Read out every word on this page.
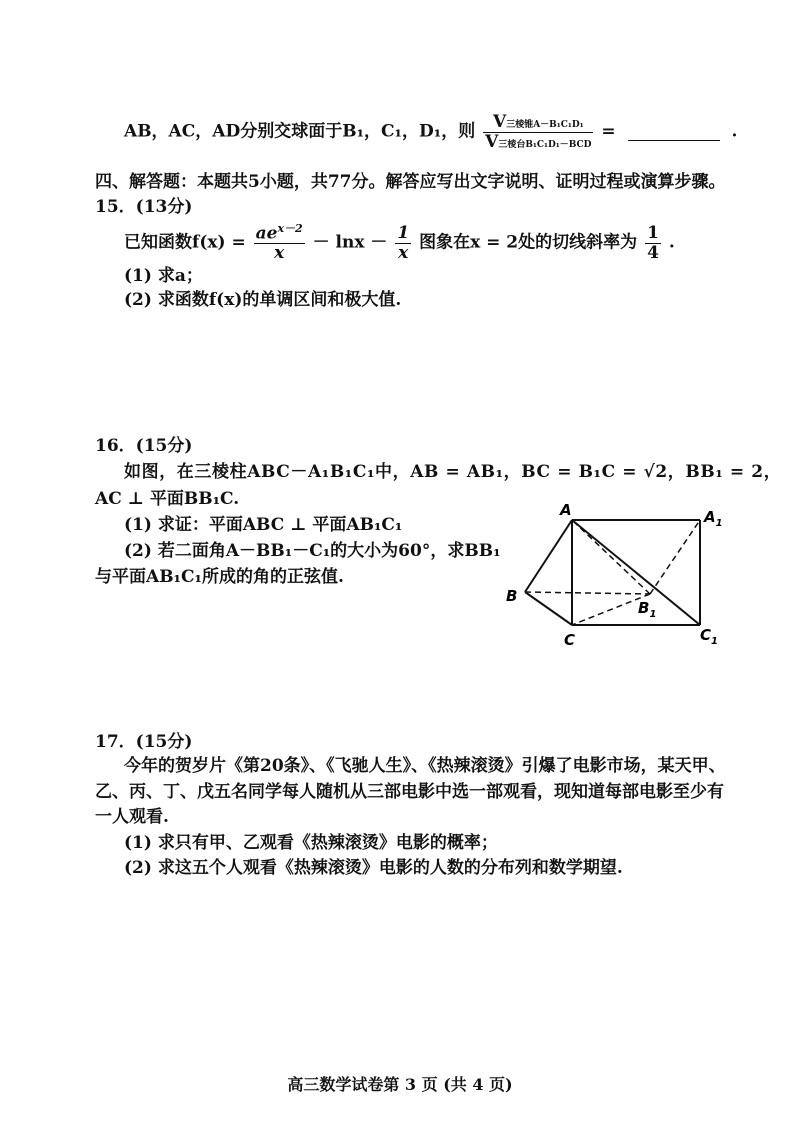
AB，AC，AD分别交球面于B₁，C₁，D₁，则 $\frac{\text{V三棱锥A－B₁C₁D₁}}{\text{V三棱台B₁C₁D₁－BCD}}$ =	.
四、解答题：本题共5小题，共77分。解答应写出文字说明、证明过程或演算步骤。
15．(13分)
已知函数$f(x) = \frac{ae^{x-2}}{x} - \ln x - \frac{1}{x}$ 图象在x = 2处的切线斜率为 $\frac{1}{4}$ .
(1) 求a；
(2) 求函数f(x)的单调区间和极大值.
16．(15分)
如图，在三棱柱ABC－A₁B₁C₁中，AB = AB₁，BC = B₁C = √2，BB₁ = 2，
AC ⊥ 平面BB₁C.
(1) 求证：平面ABC ⊥ 平面AB₁C₁
(2) 若二面角A－BB₁－C₁的大小为60°，求BB₁
与平面AB₁C₁所成的角的正弦值.
A	$A_1$
B
$B_1$
C	$C_1$
17．(15分)
今年的贺岁片《第20条》、《飞驰人生》、《热辣滚烫》引爆了电影市场，某天甲、
乙、丙、丁、戊五名同学每人随机从三部电影中选一部观看，现知道每部电影至少有
一人观看.
(1) 求只有甲、乙观看《热辣滚烫》电影的概率；
(2) 求这五个人观看《热辣滚烫》电影的人数的分布列和数学期望.
高三数学试卷第 3 页 (共 4 页)
